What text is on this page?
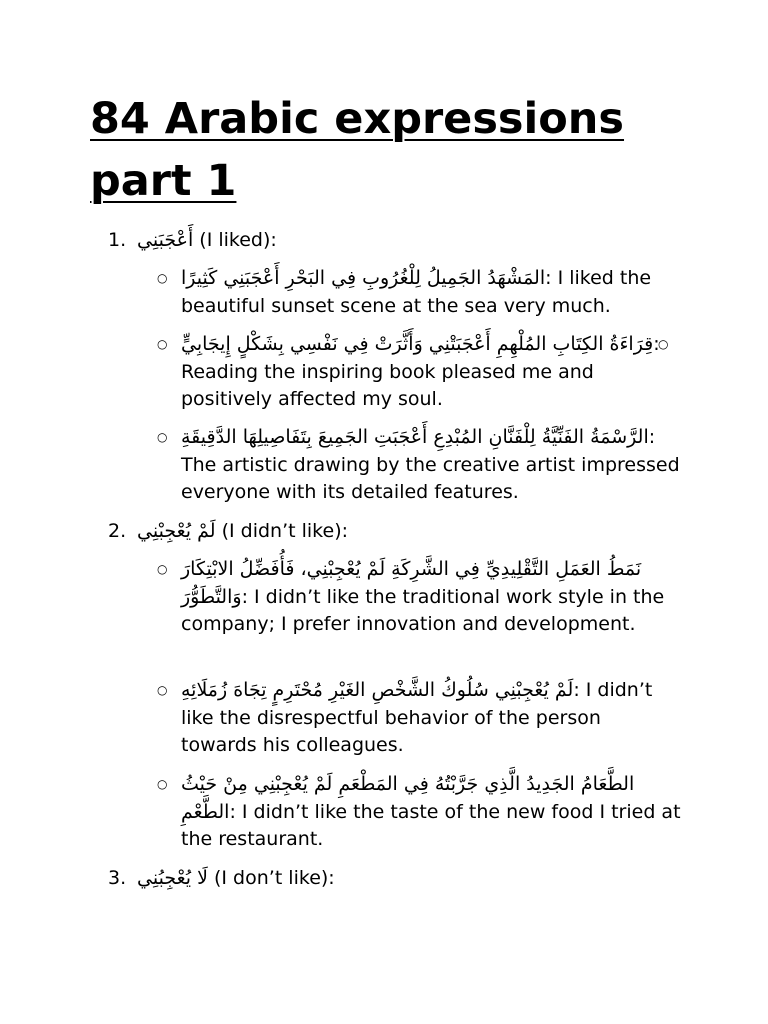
84 Arabic expressions part 1
1. أَعْجَبَنِي (I liked):
○ المَشْهَدُ الجَمِيلُ لِلْغُرُوبِ فِي البَحْرِ أَعْجَبَنِي كَثِيرًا: I liked the beautiful sunset scene at the sea very much.
○	○
قِرَاءَةُ الكِتَابِ المُلْهِمِ أَعْجَبَتْنِي وَأَثَّرَتْ فِي نَفْسِي بِشَكْلٍ إِيجَابِيٍّ: Reading the inspiring book pleased me and positively affected my soul.
○ الرَّسْمَةُ الفَنِّيَّةُ لِلْفَنَّانِ المُبْدِعِ أَعْجَبَتِ الجَمِيعَ بِتَفَاصِيلِهَا الدَّقِيقَةِ: The artistic drawing by the creative artist impressed everyone with its detailed features.
2. لَمْ يُعْجِبْنِي (I didn’t like):
○ نَمَطُ العَمَلِ التَّقْلِيدِيِّ فِي الشَّرِكَةِ لَمْ يُعْجِبْنِي، فَأُفَضِّلُ الابْتِكَارَ وَالتَّطَوُّرَ: I didn’t like the traditional work style in the company; I prefer innovation and development.
○ لَمْ يُعْجِبْنِي سُلُوكُ الشَّخْصِ الغَيْرِ مُحْتَرِمٍ تِجَاهَ زُمَلَائِهِ: I didn’t like the disrespectful behavior of the person towards his colleagues.
○ الطَّعَامُ الجَدِيدُ الَّذِي جَرَّبْتُهُ فِي المَطْعَمِ لَمْ يُعْجِبْنِي مِنْ حَيْثُ الطَّعْمِ: I didn’t like the taste of the new food I tried at the restaurant.
3. لَا يُعْجِبُنِي (I don’t like):
